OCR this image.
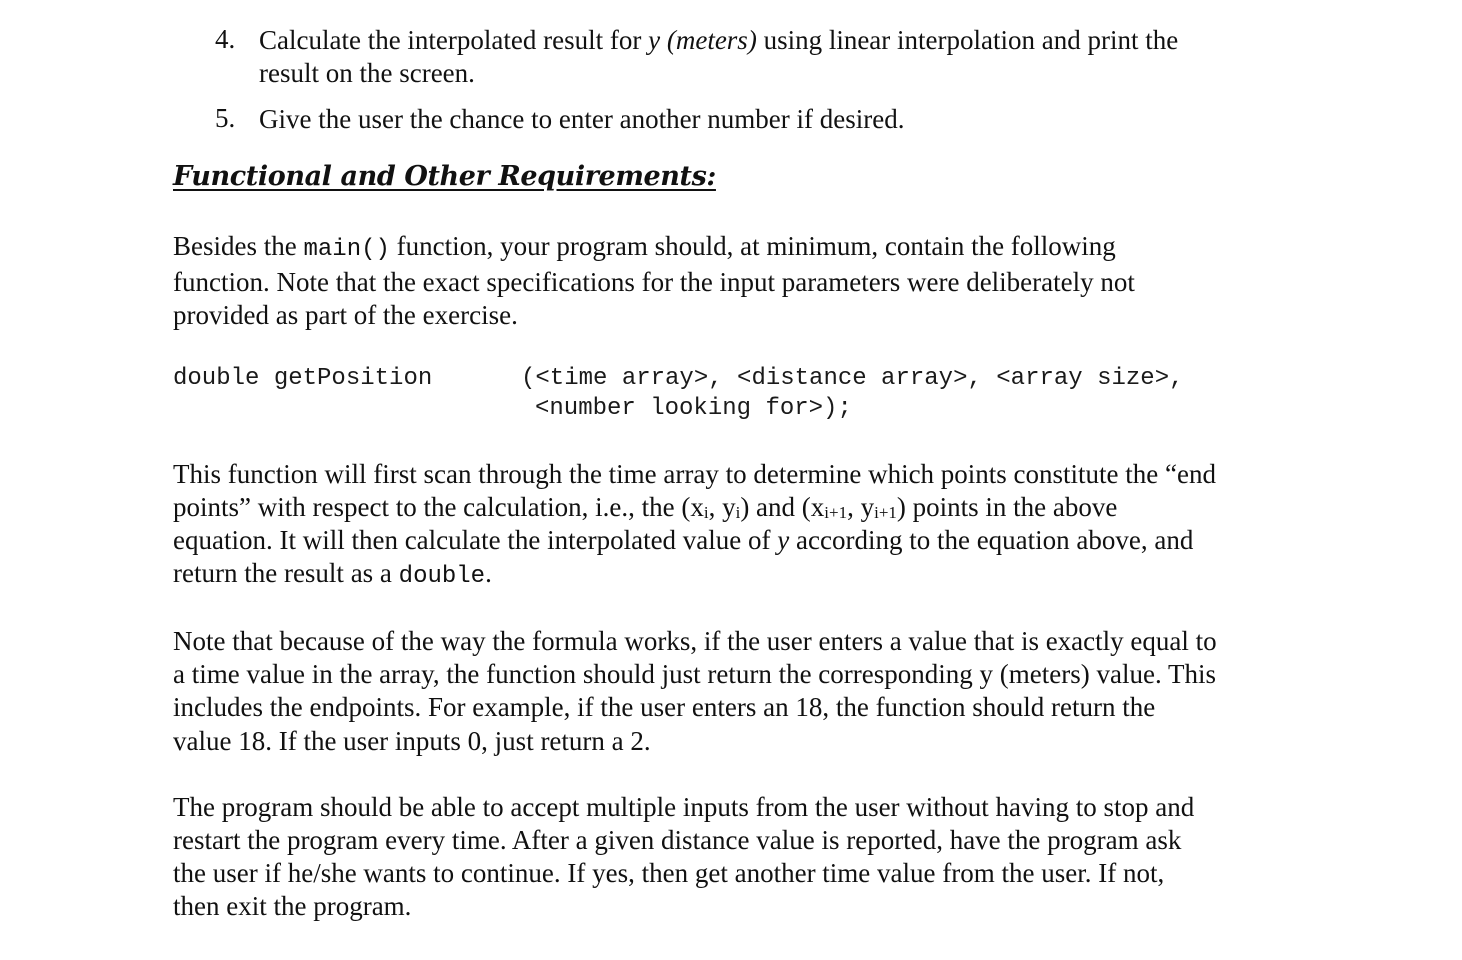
4. Calculate the interpolated result for y (meters) using linear interpolation and print the
result on the screen.
5. Give the user the chance to enter another number if desired.
Functional and Other Requirements:
Besides the main() function, your program should, at minimum, contain the following
function. Note that the exact specifications for the input parameters were deliberately not
provided as part of the exercise.
double getPosition	(<time array>, <distance array>, <array size>,
<number looking for>);
This function will first scan through the time array to determine which points constitute the “end
points” with respect to the calculation, i.e., the ($x_i$, $y_i$) and ($x_{i+1}$, $y_{i+1}$) points in the above
equation. It will then calculate the interpolated value of y according to the equation above, and
return the result as a double.
Note that because of the way the formula works, if the user enters a value that is exactly equal to
a time value in the array, the function should just return the corresponding y (meters) value. This
includes the endpoints. For example, if the user enters an 18, the function should return the
value 18. If the user inputs 0, just return a 2.
The program should be able to accept multiple inputs from the user without having to stop and
restart the program every time. After a given distance value is reported, have the program ask
the user if he/she wants to continue. If yes, then get another time value from the user. If not,
then exit the program.
